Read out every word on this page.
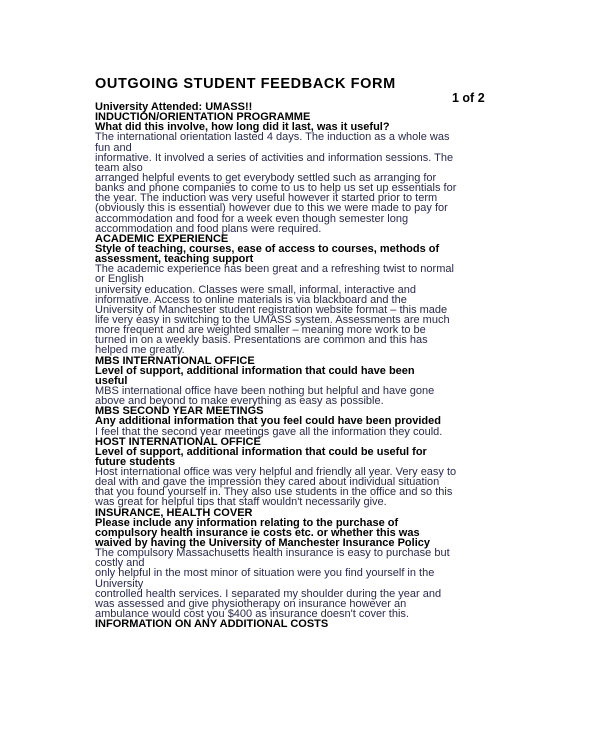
OUTGOING STUDENT FEEDBACK FORM
1 of 2
University Attended: UMASS!!
INDUCTION/ORIENTATION PROGRAMME
What did this involve, how long did it last, was it useful?
The international orientation lasted 4 days. The induction as a whole was
fun and
informative. It involved a series of activities and information sessions. The
team also
arranged helpful events to get everybody settled such as arranging for
banks and phone companies to come to us to help us set up essentials for
the year. The induction was very useful however it started prior to term
(obviously this is essential) however due to this we were made to pay for
accommodation and food for a week even though semester long
accommodation and food plans were required.
ACADEMIC EXPERIENCE
Style of teaching, courses, ease of access to courses, methods of
assessment, teaching support
The academic experience has been great and a refreshing twist to normal
or English
university education. Classes were small, informal, interactive and
informative. Access to online materials is via blackboard and the
University of Manchester student registration website format – this made
life very easy in switching to the UMASS system. Assessments are much
more frequent and are weighted smaller – meaning more work to be
turned in on a weekly basis. Presentations are common and this has
helped me greatly.
MBS INTERNATIONAL OFFICE
Level of support, additional information that could have been
useful
MBS international office have been nothing but helpful and have gone
above and beyond to make everything as easy as possible.
MBS SECOND YEAR MEETINGS
Any additional information that you feel could have been provided
I feel that the second year meetings gave all the information they could.
HOST INTERNATIONAL OFFICE
Level of support, additional information that could be useful for
future students
Host international office was very helpful and friendly all year. Very easy to
deal with and gave the impression they cared about individual situation
that you found yourself in. They also use students in the office and so this
was great for helpful tips that staff wouldn't necessarily give.
INSURANCE, HEALTH COVER
Please include any information relating to the purchase of
compulsory health insurance ie costs etc. or whether this was
waived by having the University of Manchester Insurance Policy
The compulsory Massachusetts health insurance is easy to purchase but
costly and
only helpful in the most minor of situation were you find yourself in the
University
controlled health services. I separated my shoulder during the year and
was assessed and give physiotherapy on insurance however an
ambulance would cost you $400 as insurance doesn't cover this.
INFORMATION ON ANY ADDITIONAL COSTS
